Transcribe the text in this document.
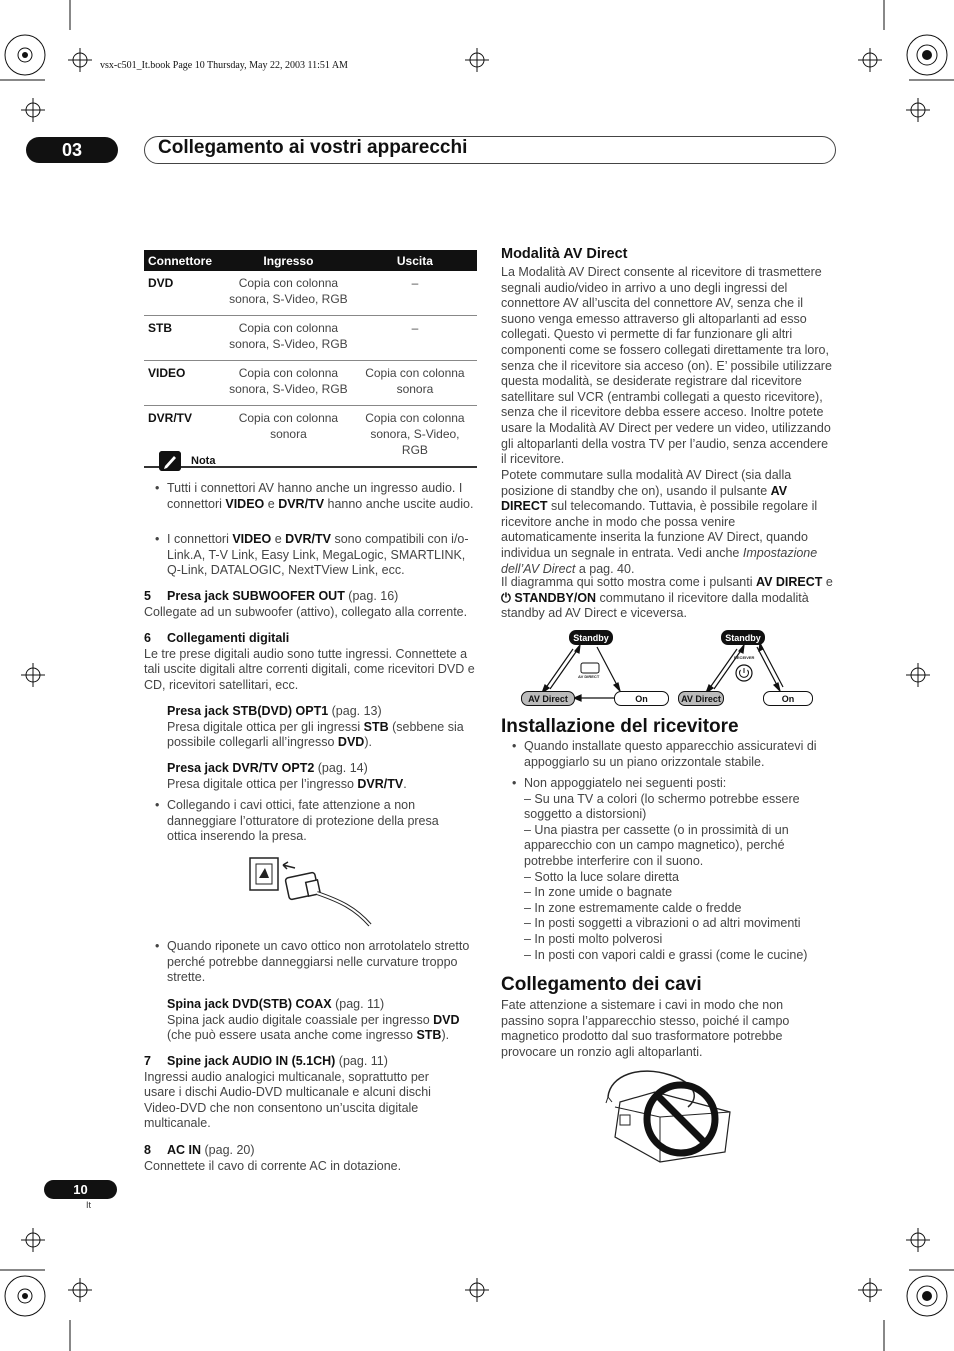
vsx-c501_It.book Page 10 Thursday, May 22, 2003 11:51 AM
03	Collegamento ai vostri apparecchi
Connettore	Ingresso	Uscita
DVD	Copia con colonna sonora, S-Video, RGB	–
STB	Copia con colonna sonora, S-Video, RGB	–
VIDEO	Copia con colonna sonora, S-Video, RGB	Copia con colonna sonora
DVR/TV	Copia con colonna sonora	Copia con colonna sonora, S-Video, RGB
Nota
• Tutti i connettori AV hanno anche un ingresso audio. I connettori VIDEO e DVR/TV hanno anche uscite audio.
• I connettori VIDEO e DVR/TV sono compatibili con i/o-Link.A, T-V Link, Easy Link, MegaLogic, SMARTLINK, Q-Link, DATALOGIC, NextTView Link, ecc.
5 Presa jack SUBWOOFER OUT (pag. 16)
Collegate ad un subwoofer (attivo), collegato alla corrente.
6 Collegamenti digitali
Le tre prese digitali audio sono tutte ingressi. Connettete a tali uscite digitali altre correnti digitali, come ricevitori DVD e CD, ricevitori satellitari, ecc.
Presa jack STB(DVD) OPT1 (pag. 13)
Presa digitale ottica per gli ingressi STB (sebbene sia possibile collegarli all’ingresso DVD).
Presa jack DVR/TV OPT2 (pag. 14)
Presa digitale ottica per l’ingresso DVR/TV.
• Collegando i cavi ottici, fate attenzione a non danneggiare l’otturatore di protezione della presa ottica inserendo la presa.
• Quando riponete un cavo ottico non arrotolatelo stretto perché potrebbe danneggiarsi nelle curvature troppo strette.
Spina jack DVD(STB) COAX (pag. 11)
Spina jack audio digitale coassiale per ingresso DVD (che può essere usata anche come ingresso STB).
7 Spine jack AUDIO IN (5.1CH) (pag. 11)
Ingressi audio analogici multicanale, soprattutto per usare i dischi Audio-DVD multicanale e alcuni dischi Video-DVD che non consentono un’uscita digitale multicanale.
8 AC IN (pag. 20)
Connettete il cavo di corrente AC in dotazione.
Modalità AV Direct
La Modalità AV Direct consente al ricevitore di trasmettere segnali audio/video in arrivo a uno degli ingressi del connettore AV all’uscita del connettore AV, senza che il suono venga emesso attraverso gli altoparlanti ad esso collegati. Questo vi permette di far funzionare gli altri componenti come se fossero collegati direttamente tra loro, senza che il ricevitore sia acceso (on). E’ possibile utilizzare questa modalità, se desiderate registrare dal ricevitore satellitare sul VCR (entrambi collegati a questo ricevitore), senza che il ricevitore debba essere acceso. Inoltre potete usare la Modalità AV Direct per vedere un video, utilizzando gli altoparlanti della vostra TV per l’audio, senza accendere il ricevitore.
Potete commutare sulla modalità AV Direct (sia dalla posizione di standby che on), usando il pulsante AV DIRECT sul telecomando. Tuttavia, è possibile regolare il ricevitore anche in modo che possa venire automaticamente inserita la funzione AV Direct, quando individua un segnale in entrata. Vedi anche Impostazione dell’AV Direct a pag. 40.
Il diagramma qui sotto mostra come i pulsanti AV DIRECT e ⏻ STANDBY/ON commutano il ricevitore dalla modalità standby ad AV Direct e viceversa.
Standby
AV Direct	On
AV DIRECT
Standby
AV Direct	On
RECEIVER
Installazione del ricevitore
• Quando installate questo apparecchio assicuratevi di appoggiarlo su un piano orizzontale stabile.
• Non appoggiatelo nei seguenti posti:
– Su una TV a colori (lo schermo potrebbe essere soggetto a distorsioni)
– Una piastra per cassette (o in prossimità di un apparecchio con un campo magnetico), perché potrebbe interferire con il suono.
– Sotto la luce solare diretta
– In zone umide o bagnate
– In zone estremamente calde o fredde
– In posti soggetti a vibrazioni o ad altri movimenti
– In posti molto polverosi
– In posti con vapori caldi e grassi (come le cucine)
Collegamento dei cavi
Fate attenzione a sistemare i cavi in modo che non passino sopra l’apparecchio stesso, poiché il campo magnetico prodotto dal suo trasformatore potrebbe provocare un ronzio agli altoparlanti.
10
It
